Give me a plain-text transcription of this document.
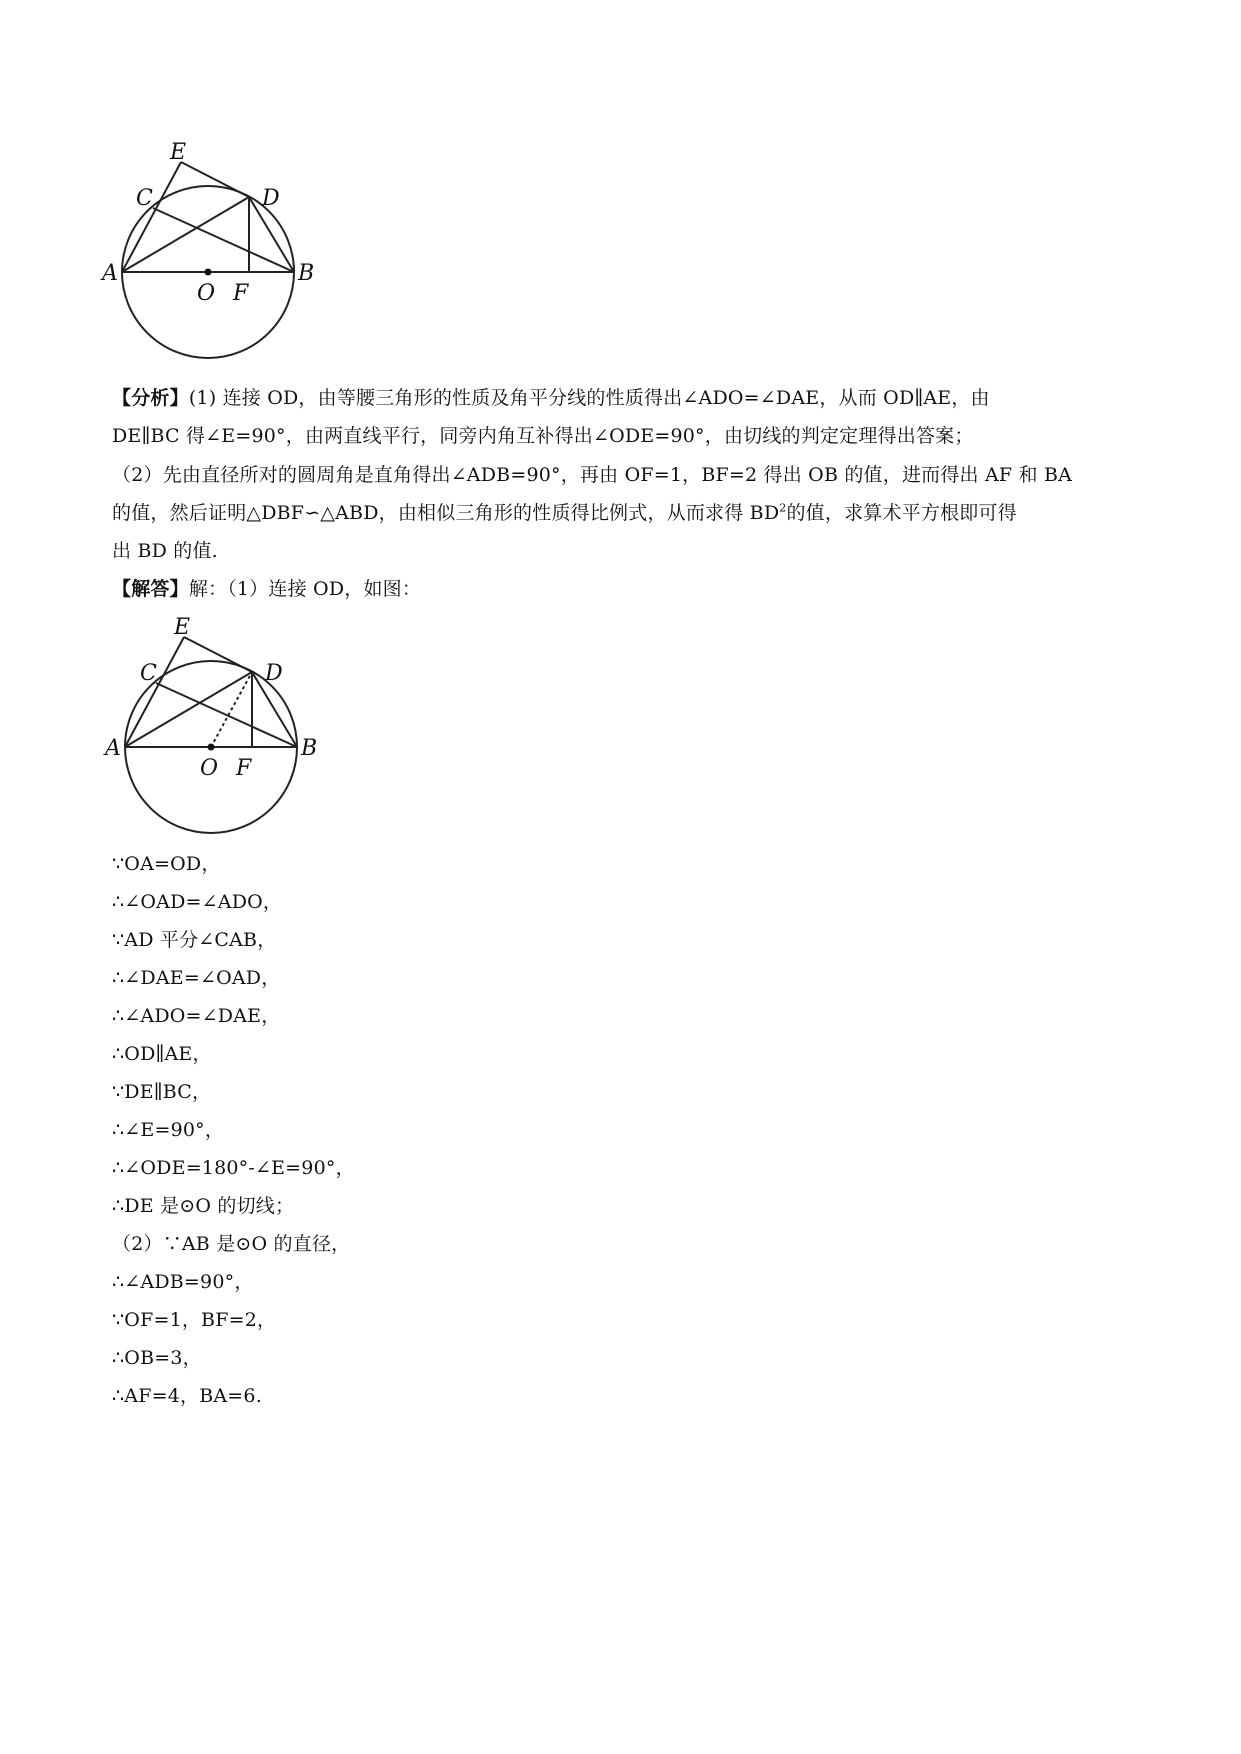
E
C	D
A
O F
B
【分析】(1) 连接 OD，由等腰三角形的性质及角平分线的性质得出∠ADO=∠DAE，从而 OD∥AE，由
DE∥BC 得∠E=90°，由两直线平行，同旁内角互补得出∠ODE=90°，由切线的判定定理得出答案；
（2）先由直径所对的圆周角是直角得出∠ADB=90°，再由 OF=1，BF=2 得出 OB 的值，进而得出 AF 和 BA
的值，然后证明△DBF∽△ABD，由相似三角形的性质得比例式，从而求得 $BD^2$的值，求算术平方根即可得
出 BD 的值.
【解答】解：（1）连接 OD，如图：
E
C	D
A
O F
B
∵OA=OD，
∴∠OAD=∠ADO，
∵AD 平分∠CAB，
∴∠DAE=∠OAD，
∴∠ADO=∠DAE，
∴OD∥AE，
∵DE∥BC，
∴∠E=90°，
∴∠ODE=180°-∠E=90°，
∴DE 是⊙O 的切线；
（2）∵AB 是⊙O 的直径，
∴∠ADB=90°，
∵OF=1，BF=2，
∴OB=3，
∴AF=4，BA=6.
